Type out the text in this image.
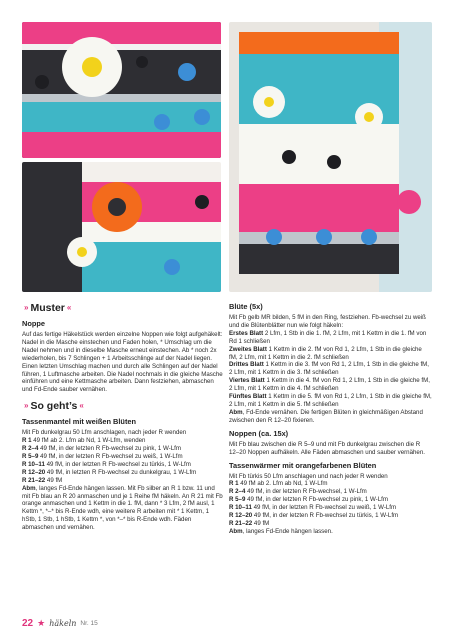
» Muster «
Noppe

Auf das fertige Häkelstück werden einzelne Noppen wie folgt aufgehäkelt: Nadel in die Masche einstechen und Faden holen, * Umschlag um die Nadel nehmen und in dieselbe Masche erneut einstechen. Ab * noch 2x wiederholen, bis 7 Schlingen + 1 Arbeitsschlinge auf der Nadel liegen. Einen letzten Umschlag machen und durch alle Schlingen auf der Nadel führen, 1 Luftmasche arbeiten. Die Nadel nochmals in die gleiche Masche einführen und eine Kettmasche arbeiten. Dann festziehen, abmaschen und Fd-Ende sauber vernähen.

» So geht’s «
Tassenmantel mit weißen Blüten

Mit Fb dunkelgrau 50 Lfm anschlagen, nach jeder R wenden
R 1 49 fM ab 2. Lfm ab Nd, 1 W-Lfm, wenden
R 2–4 49 fM, in der letzten R Fb-wechsel zu pink, 1 W-Lfm
R 5–9 49 fM, in der letzten R Fb-wechsel zu weiß, 1 W-Lfm
R 10–11 49 fM, in der letzten R Fb-wechsel zu türkis, 1 W-Lfm
R 12–20 49 fM, in letzten R Fb-wechsel zu dunkelgrau, 1 W-Lfm
R 21–22 49 fM
Abm, langes Fd-Ende hängen lassen. Mit Fb silber an R 1 bzw. 11 und mit Fb blau an R 20 anmaschen und je 1 Reihe fM häkeln. An R 21 mit Fb orange anmaschen und 1 Kettm in die 1. fM, dann * 3 Lfm, 2 fM ausl, 1 Kettm *, *–* bis R-Ende wdh, eine weitere R arbeiten mit * 1 Kettm, 1 hStb, 1 Stb, 1 hStb, 1 Kettm *, von *–* bis R-Ende wdh. Fäden abmaschen und vernähen.

Blüte (5x)

Mit Fb gelb MR bilden, 5 fM in den Ring, festziehen. Fb-wechsel zu weiß und die Blütenblätter nun wie folgt häkeln:
Erstes Blatt 2 Lfm, 1 Stb in die 1. fM, 2 Lfm, mit 1 Kettm in die 1. fM von Rd 1 schließen
Zweites Blatt 1 Kettm in die 2. fM von Rd 1, 2 Lfm, 1 Stb in die gleiche fM, 2 Lfm, mit 1 Kettm in die 2. fM schließen
Drittes Blatt 1 Kettm in die 3. fM von Rd 1, 2 Lfm, 1 Stb in die gleiche fM, 2 Lfm, mit 1 Kettm in die 3. fM schließen
Viertes Blatt 1 Kettm in die 4. fM von Rd 1, 2 Lfm, 1 Stb in die gleiche fM, 2 Lfm, mit 1 Kettm in die 4. fM schließen
Fünftes Blatt 1 Kettm in die 5. fM von Rd 1, 2 Lfm, 1 Stb in die gleiche fM, 2 Lfm, mit 1 Kettm in die 5. fM schließen
Abm, Fd-Ende vernähen. Die fertigen Blüten in gleichmäßigen Abstand zwischen den R 12–20 fixieren.

Noppen (ca. 15x)

Mit Fb blau zwischen die R 5–9 und mit Fb dunkelgrau zwischen die R 12–20 Noppen aufhäkeln. Alle Fäden abmaschen und sauber vernähen.

Tassenwärmer mit orangefarbenen Blüten

Mit Fb türkis 50 Lfm anschlagen und nach jeder R wenden
R 1 49 fM ab 2. Lfm ab Nd, 1 W-Lfm
R 2–4 49 fM, in der letzten R Fb-wechsel, 1 W-Lfm
R 5–9 49 fM, in der letzten R Fb-wechsel zu pink, 1 W-Lfm
R 10–11 49 fM, in der letzten R Fb-wechsel zu weiß, 1 W-Lfm
R 12–20 49 fM, in der letzten R Fb-wechsel zu türkis, 1 W-Lfm
R 21–22 49 fM
Abm, langes Fd-Ende hängen lassen.

22 ★ häkeln Nr. 15
